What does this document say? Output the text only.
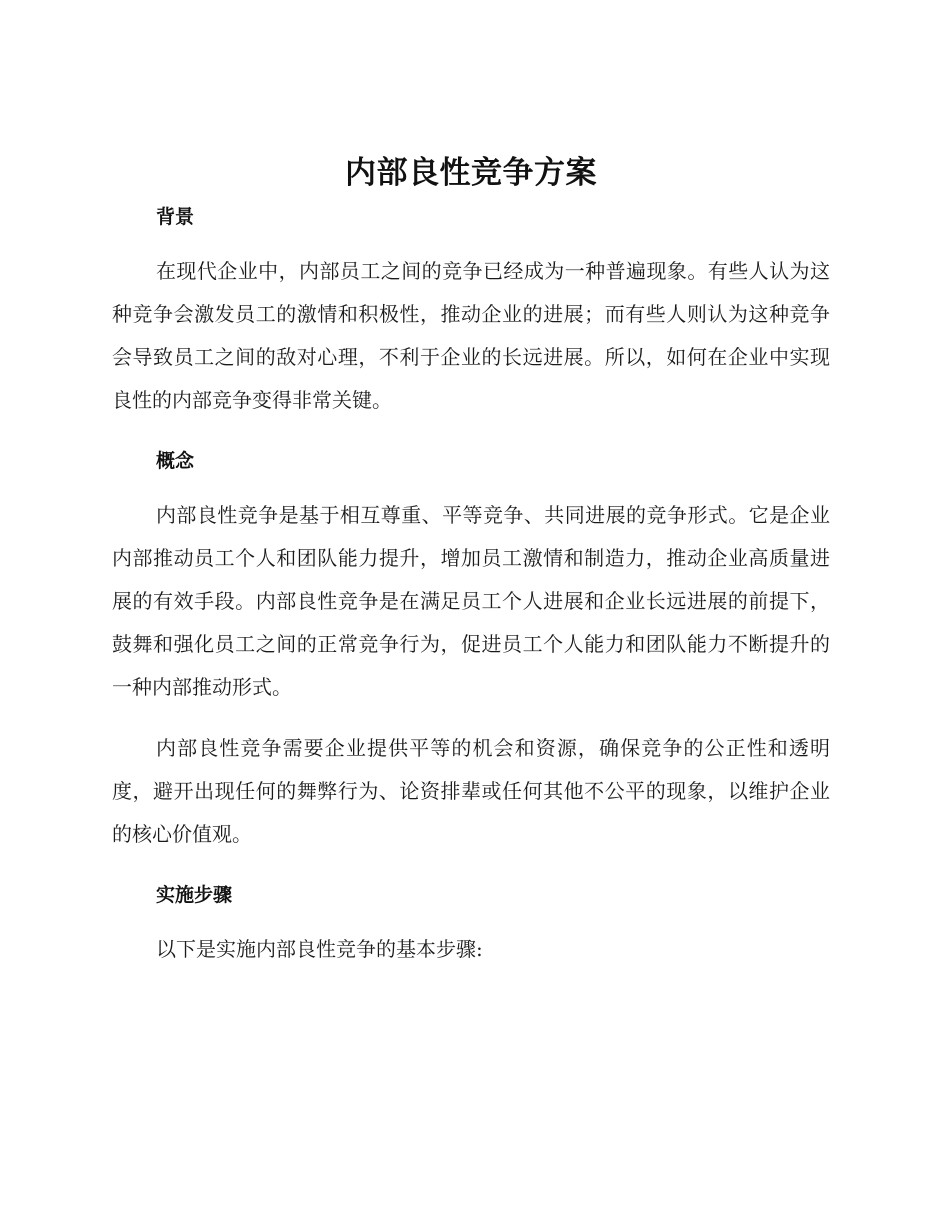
内部良性竞争方案
背景

在现代企业中，内部员工之间的竞争已经成为一种普遍现象。有些人认为这种竞争会激发员工的激情和积极性，推动企业的进展；而有些人则认为这种竞争会导致员工之间的敌对心理，不利于企业的长远进展。所以，如何在企业中实现良性的内部竞争变得非常关键。

概念

内部良性竞争是基于相互尊重、平等竞争、共同进展的竞争形式。它是企业内部推动员工个人和团队能力提升，增加员工激情和制造力，推动企业高质量进展的有效手段。内部良性竞争是在满足员工个人进展和企业长远进展的前提下，鼓舞和强化员工之间的正常竞争行为，促进员工个人能力和团队能力不断提升的一种内部推动形式。

内部良性竞争需要企业提供平等的机会和资源，确保竞争的公正性和透明度，避开出现任何的舞弊行为、论资排辈或任何其他不公平的现象，以维护企业的核心价值观。

实施步骤

以下是实施内部良性竞争的基本步骤:
